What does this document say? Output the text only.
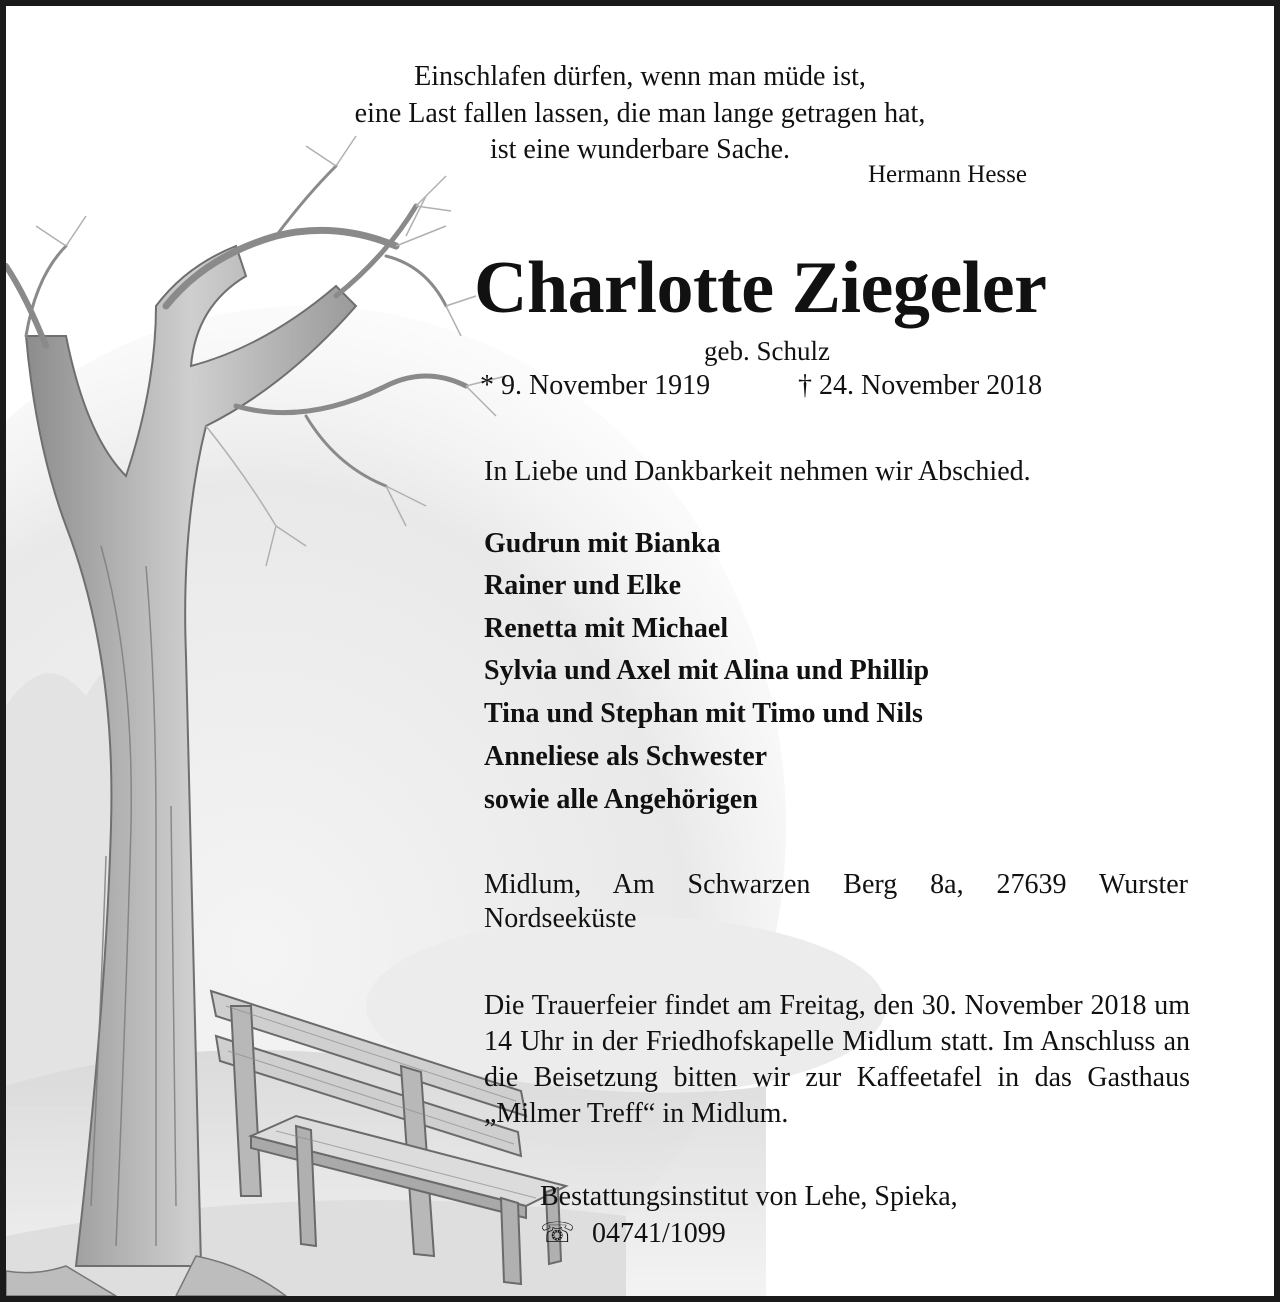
Einschlafen dürfen, wenn man müde ist,
eine Last fallen lassen, die man lange getragen hat,
ist eine wunderbare Sache.
Hermann Hesse
Charlotte Ziegeler
geb. Schulz
* 9. November 1919	† 24. November 2018
In Liebe und Dankbarkeit nehmen wir Abschied.
Gudrun mit Bianka
Rainer und Elke
Renetta mit Michael
Sylvia und Axel mit Alina und Phillip
Tina und Stephan mit Timo und Nils
Anneliese als Schwester
sowie alle Angehörigen
Midlum, Am Schwarzen Berg 8a, 27639 Wurster Nordseeküste
Die Trauerfeier findet am Freitag, den 30. November 2018 um 14 Uhr in der Friedhofskapelle Midlum statt. Im Anschluss an die Beisetzung bitten wir zur Kaffeetafel in das Gasthaus „Milmer Treff“ in Midlum.
Bestattungsinstitut von Lehe, Spieka,
☏ 04741/1099
